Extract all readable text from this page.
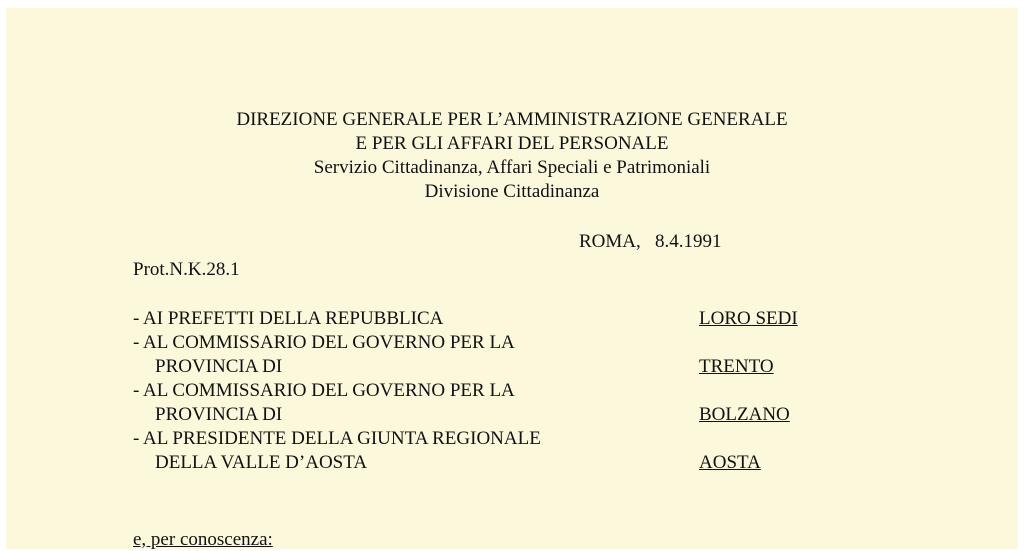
DIREZIONE GENERALE PER L’AMMINISTRAZIONE GENERALE
E PER GLI AFFARI DEL PERSONALE
Servizio Cittadinanza, Affari Speciali e Patrimoniali
Divisione Cittadinanza
ROMA,   8.4.1991
Prot.N.K.28.1
- AI PREFETTI DELLA REPUBBLICA	LORO SEDI
- AL COMMISSARIO DEL GOVERNO PER LA
PROVINCIA DI	TRENTO
- AL COMMISSARIO DEL GOVERNO PER LA
PROVINCIA DI	BOLZANO
- AL PRESIDENTE DELLA GIUNTA REGIONALE
DELLA VALLE D’AOSTA	AOSTA
e, per conoscenza:
